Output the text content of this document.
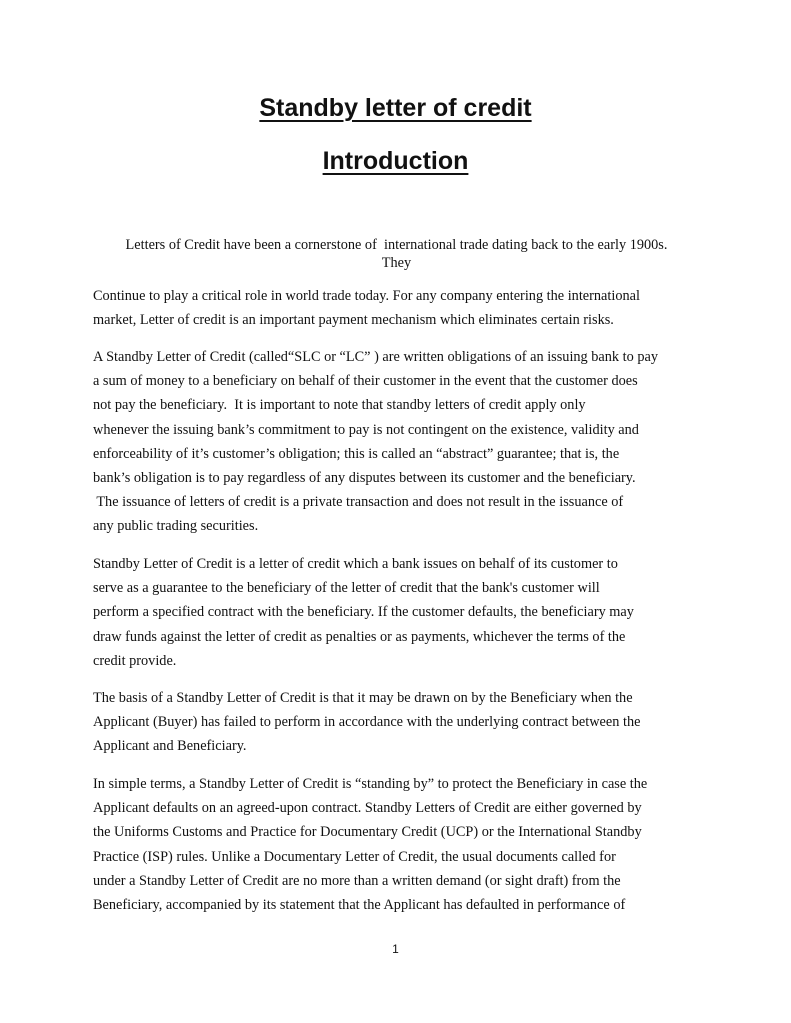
Standby letter of credit
Introduction

Letters of Credit have been a cornerstone of  international trade dating back to the early 1900s.
They

Continue to play a critical role in world trade today. For any company entering the international
market, Letter of credit is an important payment mechanism which eliminates certain risks.

A Standby Letter of Credit (called“SLC or “LC” ) are written obligations of an issuing bank to pay
a sum of money to a beneficiary on behalf of their customer in the event that the customer does
not pay the beneficiary.  It is important to note that standby letters of credit apply only
whenever the issuing bank’s commitment to pay is not contingent on the existence, validity and
enforceability of it’s customer’s obligation; this is called an “abstract” guarantee; that is, the
bank’s obligation is to pay regardless of any disputes between its customer and the beneficiary.
The issuance of letters of credit is a private transaction and does not result in the issuance of
any public trading securities.

Standby Letter of Credit is a letter of credit which a bank issues on behalf of its customer to
serve as a guarantee to the beneficiary of the letter of credit that the bank's customer will
perform a specified contract with the beneficiary. If the customer defaults, the beneficiary may
draw funds against the letter of credit as penalties or as payments, whichever the terms of the
credit provide.

The basis of a Standby Letter of Credit is that it may be drawn on by the Beneficiary when the
Applicant (Buyer) has failed to perform in accordance with the underlying contract between the
Applicant and Beneficiary.

In simple terms, a Standby Letter of Credit is “standing by” to protect the Beneficiary in case the
Applicant defaults on an agreed-upon contract. Standby Letters of Credit are either governed by
the Uniforms Customs and Practice for Documentary Credit (UCP) or the International Standby
Practice (ISP) rules. Unlike a Documentary Letter of Credit, the usual documents called for
under a Standby Letter of Credit are no more than a written demand (or sight draft) from the
Beneficiary, accompanied by its statement that the Applicant has defaulted in performance of

1
